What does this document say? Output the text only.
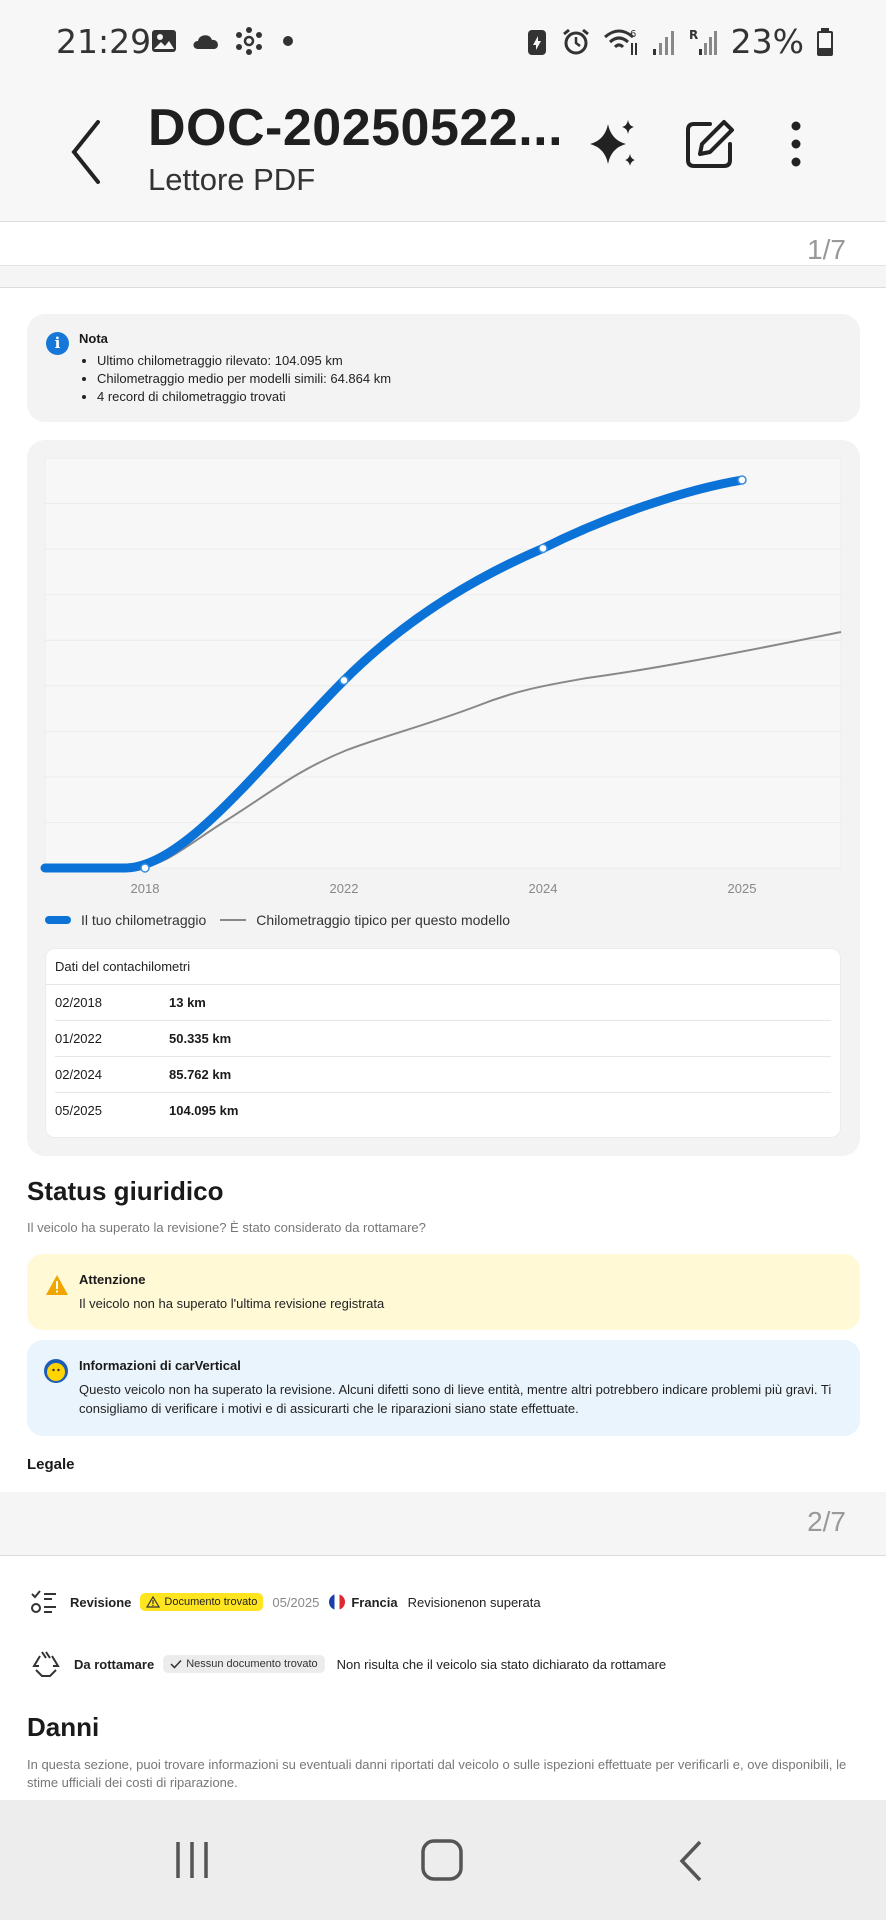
21:29	6	R 23%
DOC-20250522...
Lettore PDF
1/7
i	Nota
• Ultimo chilometraggio rilevato: 104.095 km
• Chilometraggio medio per modelli simili: 64.864 km
• 4 record di chilometraggio trovati
2018	2022	2024	2025
Il tuo chilometraggio	Chilometraggio tipico per questo modello
Dati del contachilometri
02/2018	13 km
01/2022	50.335 km
02/2024	85.762 km
05/2025	104.095 km
Status giuridico
Il veicolo ha superato la revisione? È stato considerato da rottamare?
Attenzione
Il veicolo non ha superato l'ultima revisione registrata
Informazioni di carVertical
Questo veicolo non ha superato la revisione. Alcuni difetti sono di lieve entità, mentre altri potrebbero indicare problemi più gravi. Ti consigliamo di verificare i motivi e di assicurarti che le riparazioni siano state effettuate.
Legale
2/7
Revisione	Documento trovato 05/2025 Francia Revisionenon superata
Da rottamare	Nessun documento trovato Non risulta che il veicolo sia stato dichiarato da rottamare
Danni
In questa sezione, puoi trovare informazioni su eventuali danni riportati dal veicolo o sulle ispezioni effettuate per verificarli e, ove disponibili, le stime ufficiali dei costi di riparazione.
